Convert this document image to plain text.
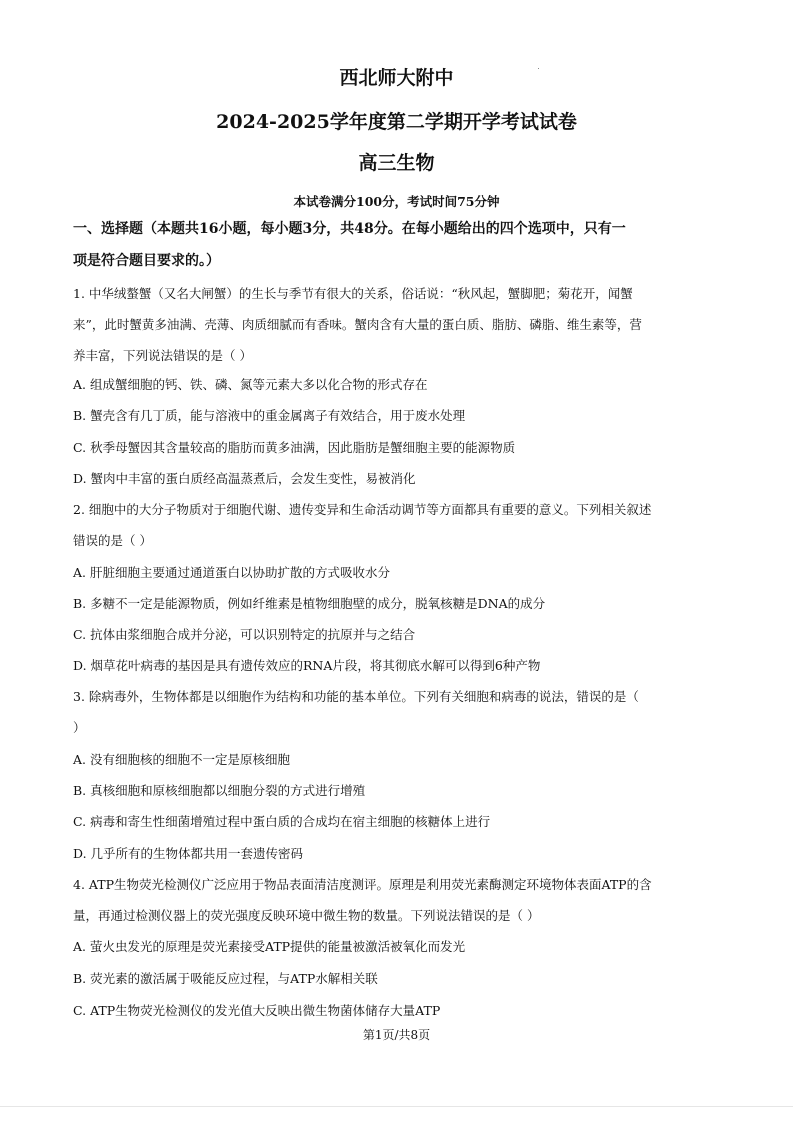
西北师大附中
2024-2025学年度第二学期开学考试试卷
高三生物
本试卷满分100分，考试时间75分钟
一、选择题（本题共16小题，每小题3分，共48分。在每小题给出的四个选项中，只有一
项是符合题目要求的。）
1. 中华绒螯蟹（又名大闸蟹）的生长与季节有很大的关系，俗话说：“秋风起，蟹脚肥；菊花开，闻蟹
来”，此时蟹黄多油满、壳薄、肉质细腻而有香味。蟹肉含有大量的蛋白质、脂肪、磷脂、维生素等，营
养丰富，下列说法错误的是（ ）
A. 组成蟹细胞的钙、铁、磷、氮等元素大多以化合物的形式存在
B. 蟹壳含有几丁质，能与溶液中的重金属离子有效结合，用于废水处理
C. 秋季母蟹因其含量较高的脂肪而黄多油满，因此脂肪是蟹细胞主要的能源物质
D. 蟹肉中丰富的蛋白质经高温蒸煮后，会发生变性，易被消化
2. 细胞中的大分子物质对于细胞代谢、遗传变异和生命活动调节等方面都具有重要的意义。下列相关叙述
错误的是（ ）
A. 肝脏细胞主要通过通道蛋白以协助扩散的方式吸收水分
B. 多糖不一定是能源物质，例如纤维素是植物细胞壁的成分，脱氧核糖是DNA的成分
C. 抗体由浆细胞合成并分泌，可以识别特定的抗原并与之结合
D. 烟草花叶病毒的基因是具有遗传效应的RNA片段，将其彻底水解可以得到6种产物
3. 除病毒外，生物体都是以细胞作为结构和功能的基本单位。下列有关细胞和病毒的说法，错误的是（
）
A. 没有细胞核的细胞不一定是原核细胞
B. 真核细胞和原核细胞都以细胞分裂的方式进行增殖
C. 病毒和寄生性细菌增殖过程中蛋白质的合成均在宿主细胞的核糖体上进行
D. 几乎所有的生物体都共用一套遗传密码
4. ATP生物荧光检测仪广泛应用于物品表面清洁度测评。原理是利用荧光素酶测定环境物体表面ATP的含
量，再通过检测仪器上的荧光强度反映环境中微生物的数量。下列说法错误的是（ ）
A. 萤火虫发光的原理是荧光素接受ATP提供的能量被激活被氧化而发光
B. 荧光素的激活属于吸能反应过程，与ATP水解相关联
C. ATP生物荧光检测仪的发光值大反映出微生物菌体储存大量ATP
第1页/共8页
